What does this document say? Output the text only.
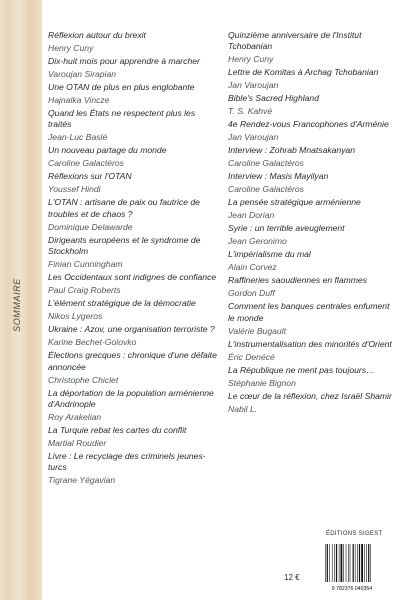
SOMMAIRE
Réflexion autour du brexit
Henry Cuny
Dix-huit mois pour apprendre à marcher
Varoujan Sirapian
Une OTAN de plus en plus englobante
Hajnalka Vincze
Quand les États ne respectent plus les traités
Jean-Luc Baslé
Un nouveau partage du monde
Caroline Galactéros
Réflexions sur l'OTAN
Youssef Hindi
L'OTAN : artisane de paix ou fautrice de troubles et de chaos ?
Dominique Delawarde
Dirigeants européens et le syndrome de Stockholm
Finian Cunningham
Les Occidentaux sont indignes de confiance
Paul Craig Roberts
L'élément stratégique de la démocratie
Nikos Lygeros
Ukraine : Azov, une organisation terroriste ?
Karine Bechet-Golovko
Élections grecques : chronique d'une défaite annoncée
Christophe Chiclet
La déportation de la population arménienne d'Andrinople
Roy Arakelian
La Turquie rebat les cartes du conflit
Martial Roudier
Livre : Le recyclage des criminels jeunes-turcs
Tigrane Yégavian
Quinzième anniversaire de l'Institut Tchobanian
Henry Cuny
Lettre de Komitas à Archag Tchobanian
Jan Varoujan
Bible's Sacred Highland
T. S. Kahvé
4e Rendez-vous Francophones d'Arménie
Jan Varoujan
Interview : Zohrab Mnatsakanyan
Caroline Galactéros
Interview : Masis Mayilyan
Caroline Galactéros
La pensée stratégique arménienne
Jean Dorian
Syrie : un terrible aveuglement
Jean Geronimo
L'impérialisme du mal
Alain Corvez
Raffineries saoudiennes en flammes
Gordon Duff
Comment les banques centrales enfument le monde
Valérie Bugault
L'instrumentalisation des minorités d'Orient
Éric Denécé
La République ne ment pas toujours…
Stéphanie Bignon
Le cœur de la réflexion, chez Israël Shamir
Nabil L.
ÉDITIONS SIGEST
12 €
9 782376 040354
